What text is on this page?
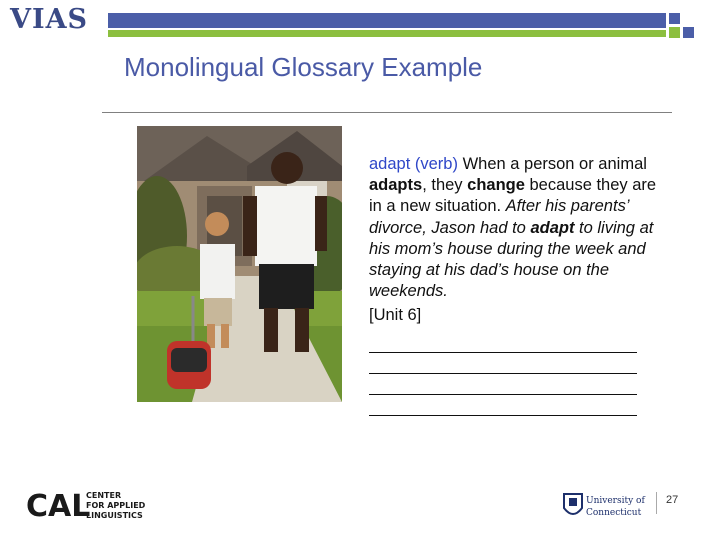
VIAS
Monolingual Glossary Example
adapt (verb) When a person or animal adapts, they change because they are in a new situation. After his parents’ divorce, Jason had to adapt to living at his mom’s house during the week and staying at his dad’s house on the weekends.
[Unit 6]
CAL
CENTER
FOR APPLIED
LINGUISTICS
University of
Connecticut
27
